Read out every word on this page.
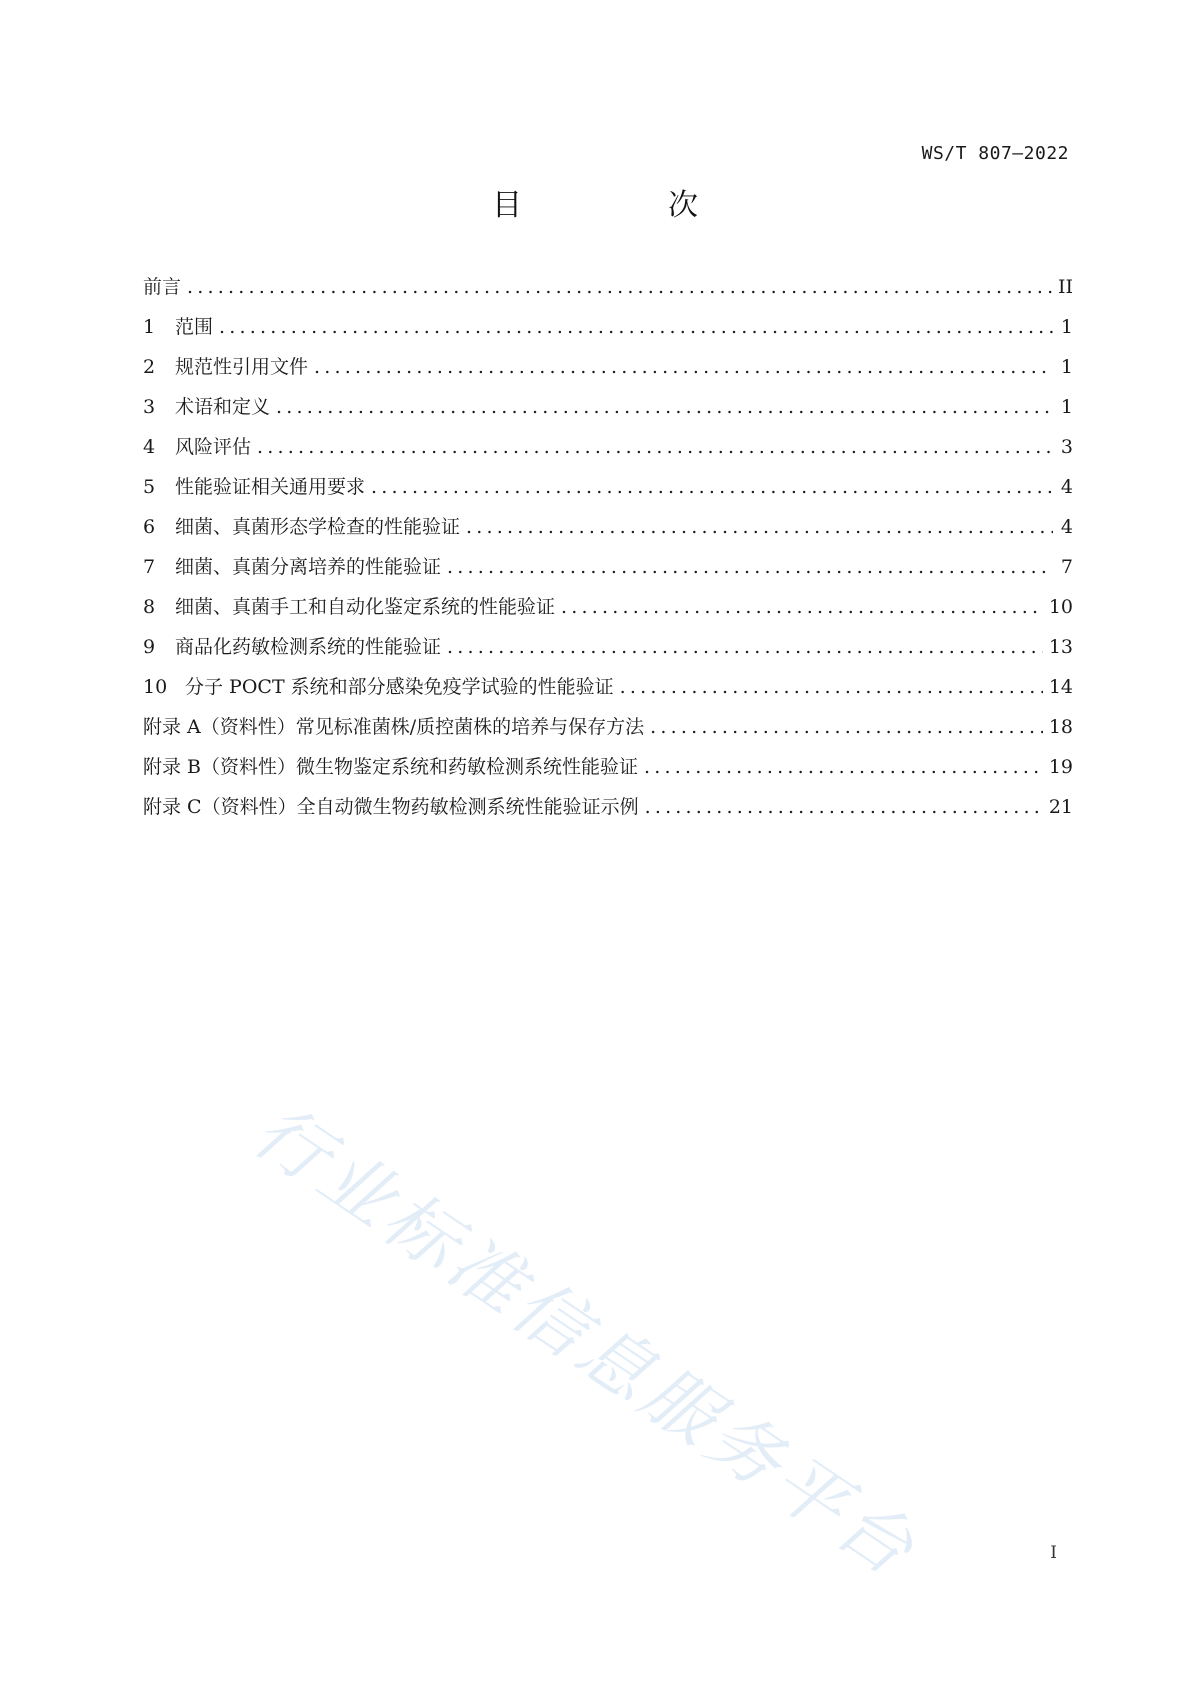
WS/T 807—2022
目　次
前言 .....	II
1	范围 .....	1
2	规范性引用文件 .....	1
3	术语和定义 .....	1
4	风险评估 .....	3
5	性能验证相关通用要求 .....	4
6	细菌、真菌形态学检查的性能验证 .....	4
7	细菌、真菌分离培养的性能验证 .....	7
8	细菌、真菌手工和自动化鉴定系统的性能验证 .....	10
9	商品化药敏检测系统的性能验证 .....	13
10 分子 POCT 系统和部分感染免疫学试验的性能验证 .....	14
附录 A（资料性） 常见标准菌株/质控菌株的培养与保存方法 .....	18
附录 B（资料性） 微生物鉴定系统和药敏检测系统性能验证 .....	19
附录 C（资料性） 全自动微生物药敏检测系统性能验证示例 .....	21
行业标准信息服务平台	I
